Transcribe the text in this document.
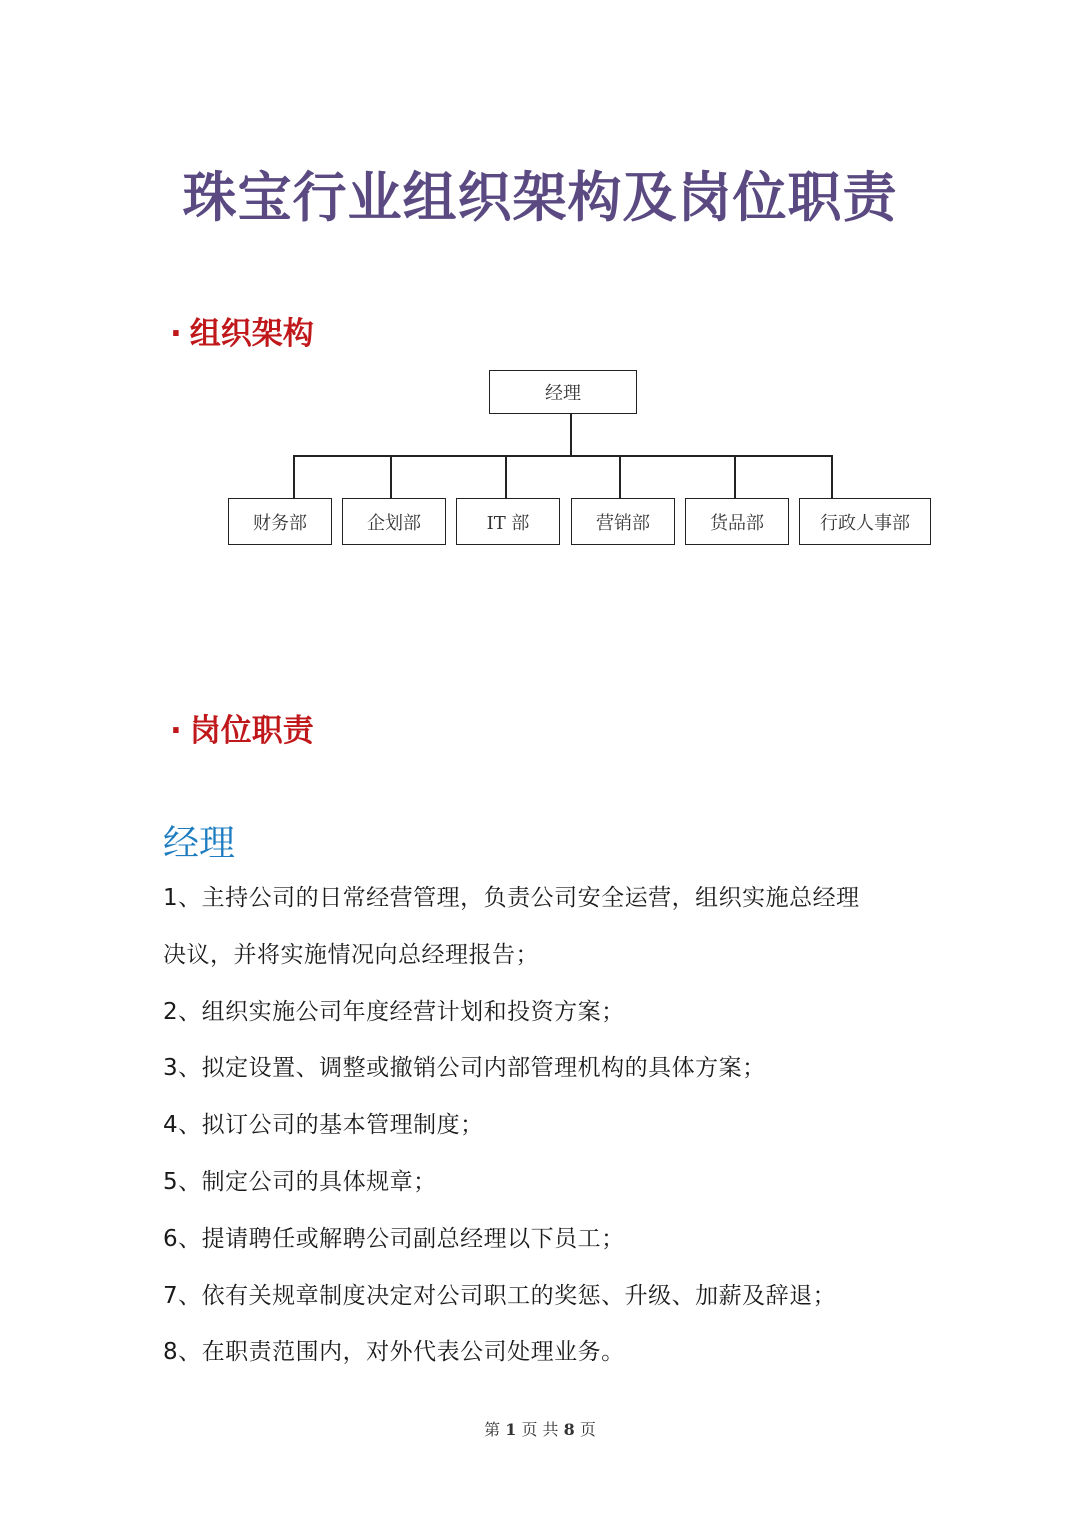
珠宝行业组织架构及岗位职责
· 组织架构
经理
财务部	企划部	IT 部	营销部	货品部	行政人事部
· 岗位职责
经理
1、主持公司的日常经营管理，负责公司安全运营，组织实施总经理
决议，并将实施情况向总经理报告；
2、组织实施公司年度经营计划和投资方案；
3、拟定设置、调整或撤销公司内部管理机构的具体方案；
4、拟订公司的基本管理制度；
5、制定公司的具体规章；
6、提请聘任或解聘公司副总经理以下员工；
7、依有关规章制度决定对公司职工的奖惩、升级、加薪及辞退；
8、在职责范围内，对外代表公司处理业务。
第 1 页 共 8 页
